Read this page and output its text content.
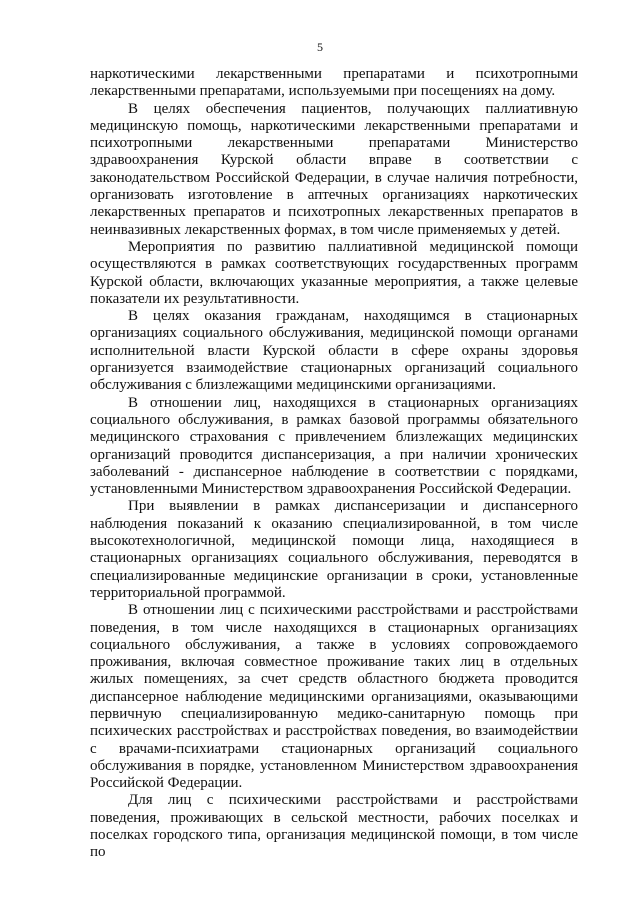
5

наркотическими лекарственными препаратами и психотропными лекарственными препаратами, используемыми при посещениях на дому.

В целях обеспечения пациентов, получающих паллиативную медицинскую помощь, наркотическими лекарственными препаратами и психотропными лекарственными препаратами Министерство здравоохранения Курской области вправе в соответствии с законодательством Российской Федерации, в случае наличия потребности, организовать изготовление в аптечных организациях наркотических лекарственных препаратов и психотропных лекарственных препаратов в неинвазивных лекарственных формах, в том числе применяемых у детей.

Мероприятия по развитию паллиативной медицинской помощи осуществляются в рамках соответствующих государственных программ Курской области, включающих указанные мероприятия, а также целевые показатели их результативности.

В целях оказания гражданам, находящимся в стационарных организациях социального обслуживания, медицинской помощи органами исполнительной власти Курской области в сфере охраны здоровья организуется взаимодействие стационарных организаций социального обслуживания с близлежащими медицинскими организациями.

В отношении лиц, находящихся в стационарных организациях социального обслуживания, в рамках базовой программы обязательного медицинского страхования с привлечением близлежащих медицинских организаций проводится диспансеризация, а при наличии хронических заболеваний - диспансерное наблюдение в соответствии с порядками, установленными Министерством здравоохранения Российской Федерации.

При выявлении в рамках диспансеризации и диспансерного наблюдения показаний к оказанию специализированной, в том числе высокотехнологичной, медицинской помощи лица, находящиеся в стационарных организациях социального обслуживания, переводятся в специализированные медицинские организации в сроки, установленные территориальной программой.

В отношении лиц с психическими расстройствами и расстройствами поведения, в том числе находящихся в стационарных организациях социального обслуживания, а также в условиях сопровождаемого проживания, включая совместное проживание таких лиц в отдельных жилых помещениях, за счет средств областного бюджета проводится диспансерное наблюдение медицинскими организациями, оказывающими первичную специализированную медико-санитарную помощь при психических расстройствах и расстройствах поведения, во взаимодействии с врачами-психиатрами стационарных организаций социального обслуживания в порядке, установленном Министерством здравоохранения Российской Федерации.

Для лиц с психическими расстройствами и расстройствами поведения, проживающих в сельской местности, рабочих поселках и поселках городского типа, организация медицинской помощи, в том числе по
